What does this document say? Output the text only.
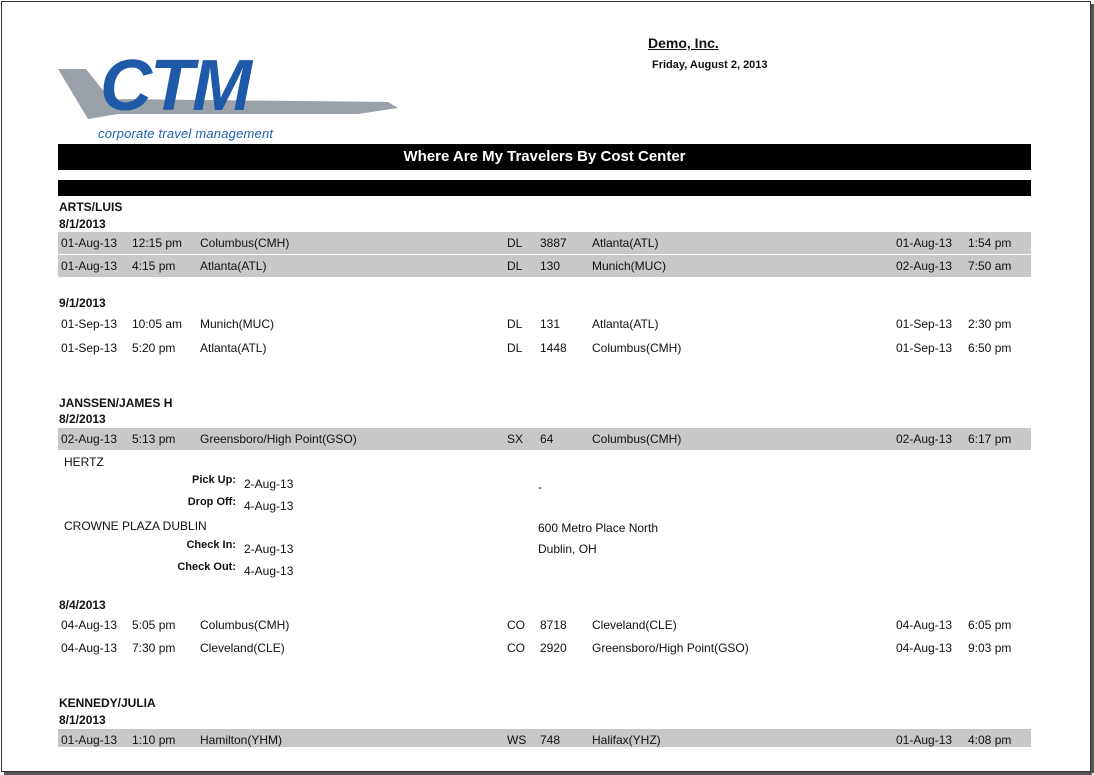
CTM
corporate travel management
Demo, Inc.
Friday, August 2, 2013
Where Are My Travelers By Cost Center
ARTS/LUIS
8/1/2013
01-Aug-13 12:15 pm Columbus(CMH)	DL 3887 Atlanta(ATL)	01-Aug-13 1:54 pm
01-Aug-13 4:15 pm Atlanta(ATL)	DL 130	Munich(MUC)	02-Aug-13 7:50 am
9/1/2013
01-Sep-13 10:05 am Munich(MUC)	DL 131	Atlanta(ATL)	01-Sep-13 2:30 pm
01-Sep-13 5:20 pm Atlanta(ATL)	DL 1448 Columbus(CMH)	01-Sep-13 6:50 pm
JANSSEN/JAMES H
8/2/2013
02-Aug-13 5:13 pm Greensboro/High Point(GSO)	SX 64	Columbus(CMH)	02-Aug-13 6:17 pm
HERTZ
Pick Up: 2-Aug-13	-
Drop Off: 4-Aug-13
CROWNE PLAZA DUBLIN	600 Metro Place North
Check In: 2-Aug-13	Dublin, OH
Check Out: 4-Aug-13
8/4/2013
04-Aug-13 5:05 pm Columbus(CMH)	CO 8718 Cleveland(CLE)	04-Aug-13 6:05 pm
04-Aug-13 7:30 pm Cleveland(CLE)	CO 2920 Greensboro/High Point(GSO)	04-Aug-13 9:03 pm
KENNEDY/JULIA
8/1/2013
01-Aug-13 1:10 pm Hamilton(YHM)	WS 748	Halifax(YHZ)	01-Aug-13 4:08 pm
